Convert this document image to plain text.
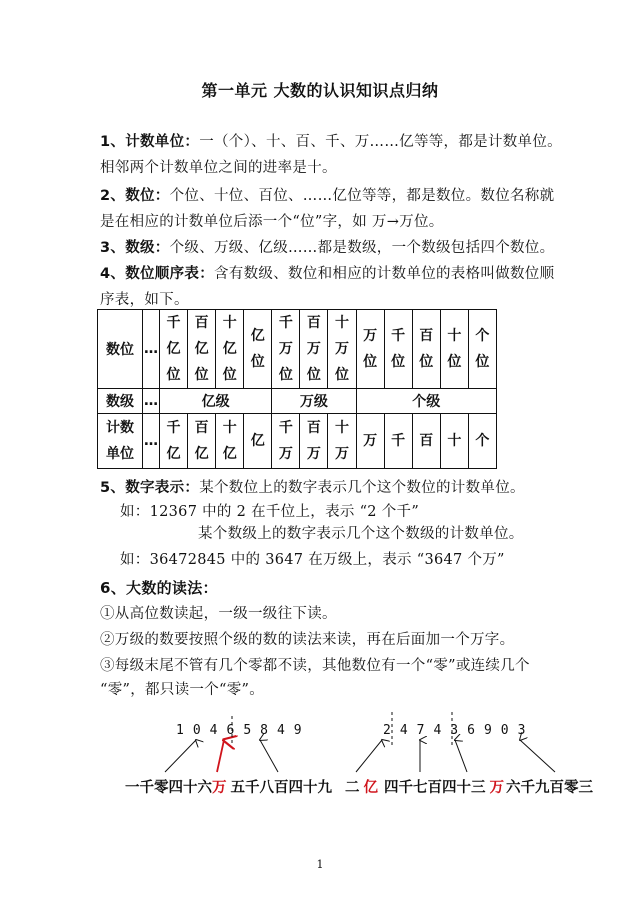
第一单元 大数的认识知识点归纳
1、计数单位：一（个）、十、百、千、万……亿等等，都是计数单位。
相邻两个计数单位之间的进率是十。
2、数位：个位、十位、百位、……亿位等等，都是数位。数位名称就
是在相应的计数单位后添一个“位”字，如 万→万位。
3、数级：个级、万级、亿级……都是数级，一个数级包括四个数位。
4、数位顺序表：含有数级、数位和相应的计数单位的表格叫做数位顺
序表，如下。
数位	…	千亿位	百亿位	十亿位	亿位	千万位	百万位	十万位	万位	千位	百位	十位	个位
数级	…	亿级				万级			个级				
计数单位	…	千亿	百亿	十亿	亿	千万	百万	十万	万	千	百	十	个
5、数字表示：某个数位上的数字表示几个这个数位的计数单位。
如：12367 中的 2 在千位上，表示 “2 个千”
某个数级上的数字表示几个这个数级的计数单位。
如：36472845 中的 3647 在万级上，表示 “3647 个万”
6、大数的读法：
①从高位数读起，一级一级往下读。
②万级的数要按照个级的数的读法来读，再在后面加一个万字。
③每级末尾不管有几个零都不读，其他数位有一个“零”或连续几个
“零”，都只读一个“零”。
10465849	247436903
一千零四十六万 五千八百四十九 二 亿 四千七百四十三 万 六千九百零三
1
